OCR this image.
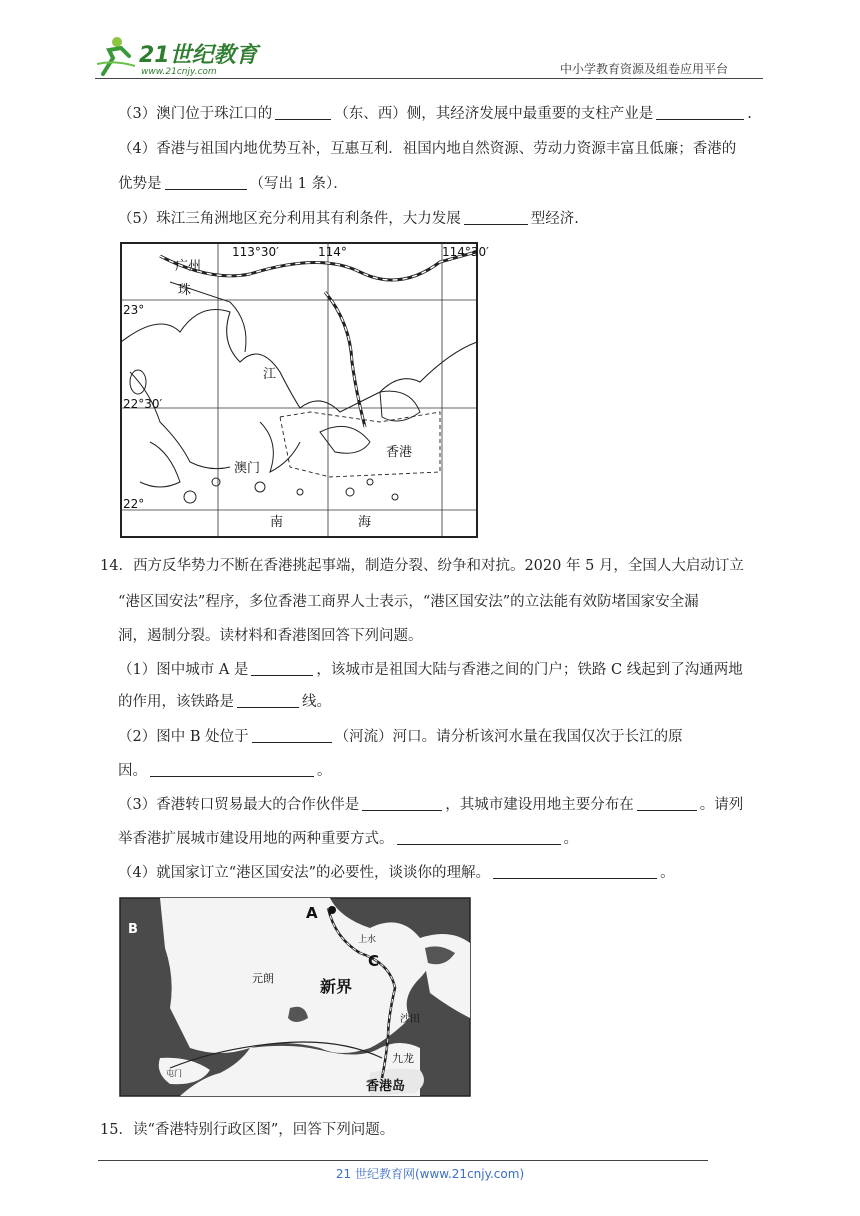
21世纪教育
www.21cnjy.com	中小学教育资源及组卷应用平台
（3）澳门位于珠江口的	（东、西）侧，其经济发展中最重要的支柱产业是	.
（4）香港与祖国内地优势互补，互惠互利．祖国内地自然资源、劳动力资源丰富且低廉；香港的
优势是	（写出 1 条）．
（5）珠江三角洲地区充分利用其有利条件，大力发展	型经济.
113°30′	114°	114°30′
23°
22°30′
22°
广州
珠
江
澳门
香港
南	海
14．西方反华势力不断在香港挑起事端，制造分裂、纷争和对抗。2020 年 5 月，全国人大启动订立
“港区国安法”程序，多位香港工商界人士表示，“港区国安法”的立法能有效防堵国家安全漏
洞，遏制分裂。读材料和香港图回答下列问题。
（1）图中城市 A 是	，该城市是祖国大陆与香港之间的门户；铁路 C 线起到了沟通两地
的作用，该铁路是	线。
（2）图中 B 处位于	（河流）河口。请分析该河水量在我国仅次于长江的原
因。	。
（3）香港转口贸易最大的合作伙伴是	，其城市建设用地主要分布在	。请列
举香港扩展城市建设用地的两种重要方式。	。
（4）就国家订立“港区国安法”的必要性，谈谈你的理解。	。
B
A
C
上水
元朗	新界
沙田
九龙
屯门
香港岛
15．读“香港特别行政区图”，回答下列问题。
21 世纪教育网(www.21cnjy.com)
